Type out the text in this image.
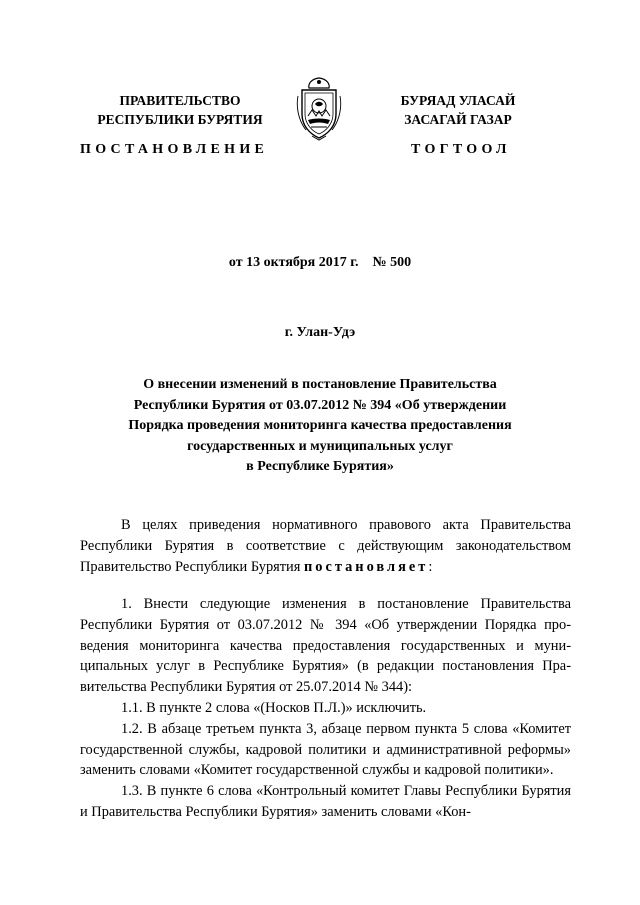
ПРАВИТЕЛЬСТВО
РЕСПУБЛИКИ БУРЯТИЯ
БУРЯАД УЛАСАЙ
ЗАСАГАЙ ГАЗАР
ПОСТАНОВЛЕНИЕ	ТОГТООЛ
от 13 октября 2017 г. № 500
г. Улан-Удэ
О внесении изменений в постановление Правительства
Республики Бурятия от 03.07.2012 № 394 «Об утверждении
Порядка проведения мониторинга качества предоставления
государственных и муниципальных услуг
в Республике Бурятия»

В целях приведения нормативного правового акта Правительства Республики Бурятия в соответствие с действующим законодательством Правительство Республики Бурятия постановляет:

1. Внести следующие изменения в постановление Правительства Республики Бурятия от 03.07.2012 № 394 «Об утверждении Порядка проведения мониторинга качества предоставления государственных и муниципальных услуг в Республике Бурятия» (в редакции постановления Правительства Республики Бурятия от 25.07.2014 № 344):

1.1. В пункте 2 слова «(Носков П.Л.)» исключить.

1.2. В абзаце третьем пункта 3, абзаце первом пункта 5 слова «Комитет государственной службы, кадровой политики и административной реформы» заменить словами «Комитет государственной службы и кадровой политики».

1.3. В пункте 6 слова «Контрольный комитет Главы Республики Бурятия и Правительства Республики Бурятия» заменить словами «Кон-
